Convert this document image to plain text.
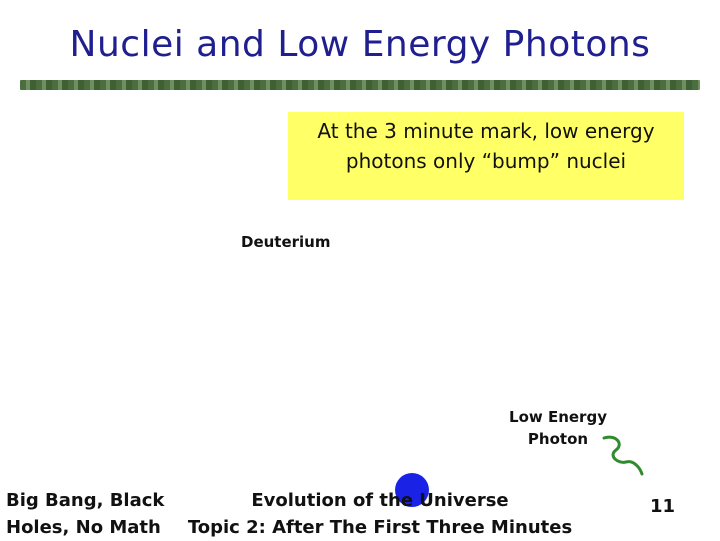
Nuclei and Low Energy Photons
At the 3 minute mark, low energy photons only “bump” nuclei
Deuterium
Low Energy
Photon
Big Bang, Black
Holes, No Math
Evolution of the Universe
Topic 2: After The First Three Minutes
11
